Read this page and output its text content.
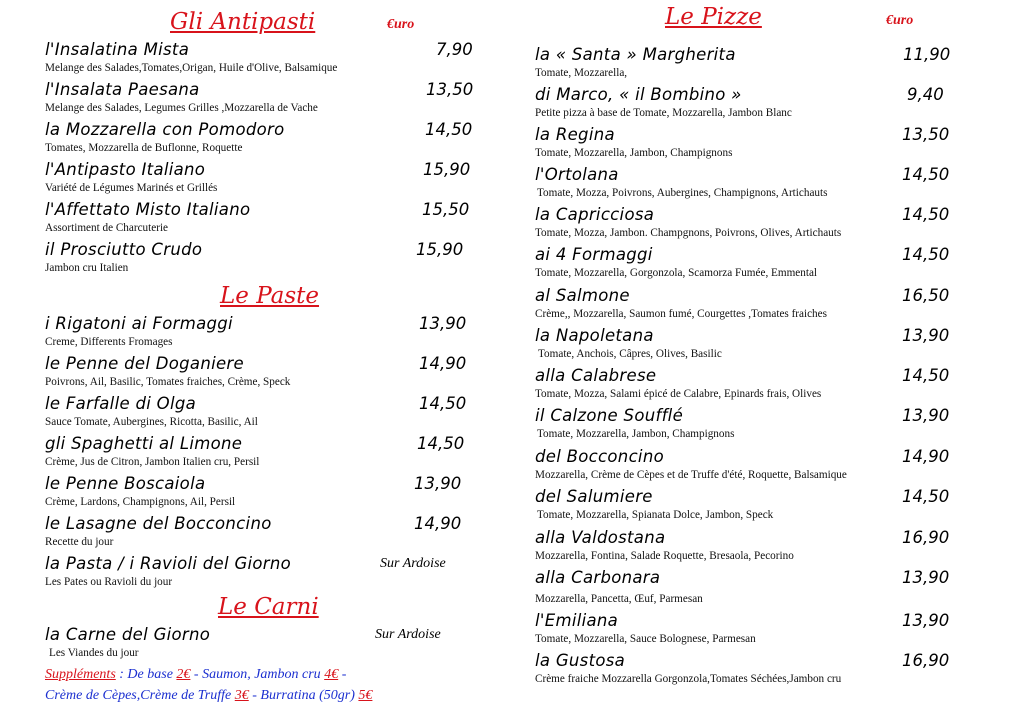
Gli Antipasti	€uro
l'Insalatina Mista	7,90
Melange des Salades,Tomates,Origan, Huile d'Olive, Balsamique
l'Insalata Paesana	13,50
Melange des Salades, Legumes Grilles ,Mozzarella de Vache
la Mozzarella con Pomodoro	14,50
Tomates, Mozzarella de Buflonne, Roquette
l'Antipasto Italiano	15,90
Variété de Légumes Marinés et Grillés
l'Affettato Misto Italiano	15,50
Assortiment de Charcuterie
il Prosciutto Crudo	15,90
Jambon cru Italien
Le Paste
i Rigatoni ai Formaggi	13,90
Creme, Differents Fromages
le Penne del Doganiere	14,90
Poivrons, Ail, Basilic, Tomates fraiches, Crème, Speck
le Farfalle di Olga	14,50
Sauce Tomate, Aubergines, Ricotta, Basilic, Ail
gli Spaghetti al Limone	14,50
Crème, Jus de Citron, Jambon Italien cru, Persil
le Penne Boscaiola	13,90
Crème, Lardons, Champignons, Ail, Persil
le Lasagne del Bocconcino	14,90
Recette du jour
la Pasta / i Ravioli del Giorno	Sur Ardoise
Les Pates ou Ravioli du jour
Le Carni
la Carne del Giorno	Sur Ardoise
Les Viandes du jour
Suppléments : De base 2€ - Saumon, Jambon cru 4€ -
Crème de Cèpes,Crème de Truffe 3€ - Burratina (50gr) 5€
Le Pizze	€uro
la « Santa » Margherita	11,90
Tomate, Mozzarella,
di Marco, « il Bombino »	9,40
Petite pizza à base de Tomate, Mozzarella, Jambon Blanc
la Regina	13,50
Tomate, Mozzarella, Jambon, Champignons
l'Ortolana	14,50
Tomate, Mozza, Poivrons, Aubergines, Champignons, Artichauts
la Capricciosa	14,50
Tomate, Mozza, Jambon. Champgnons, Poivrons, Olives, Artichauts
ai 4 Formaggi	14,50
Tomate, Mozzarella, Gorgonzola, Scamorza Fumée, Emmental
al Salmone	16,50
Crème,, Mozzarella, Saumon fumé, Courgettes ,Tomates fraiches
la Napoletana	13,90
Tomate, Anchois, Câpres, Olives, Basilic
alla Calabrese	14,50
Tomate, Mozza, Salami épicé de Calabre, Epinards frais, Olives
il Calzone Soufflé	13,90
Tomate, Mozzarella, Jambon, Champignons
del Bocconcino	14,90
Mozzarella, Crème de Cèpes et de Truffe d'été, Roquette, Balsamique
del Salumiere	14,50
Tomate, Mozzarella, Spianata Dolce, Jambon, Speck
alla Valdostana	16,90
Mozzarella, Fontina, Salade Roquette, Bresaola, Pecorino
alla Carbonara	13,90
Mozzarella, Pancetta, Œuf, Parmesan
l'Emiliana	13,90
Tomate, Mozzarella, Sauce Bolognese, Parmesan
la Gustosa	16,90
Crème fraiche Mozzarella Gorgonzola,Tomates Séchées,Jambon cru
